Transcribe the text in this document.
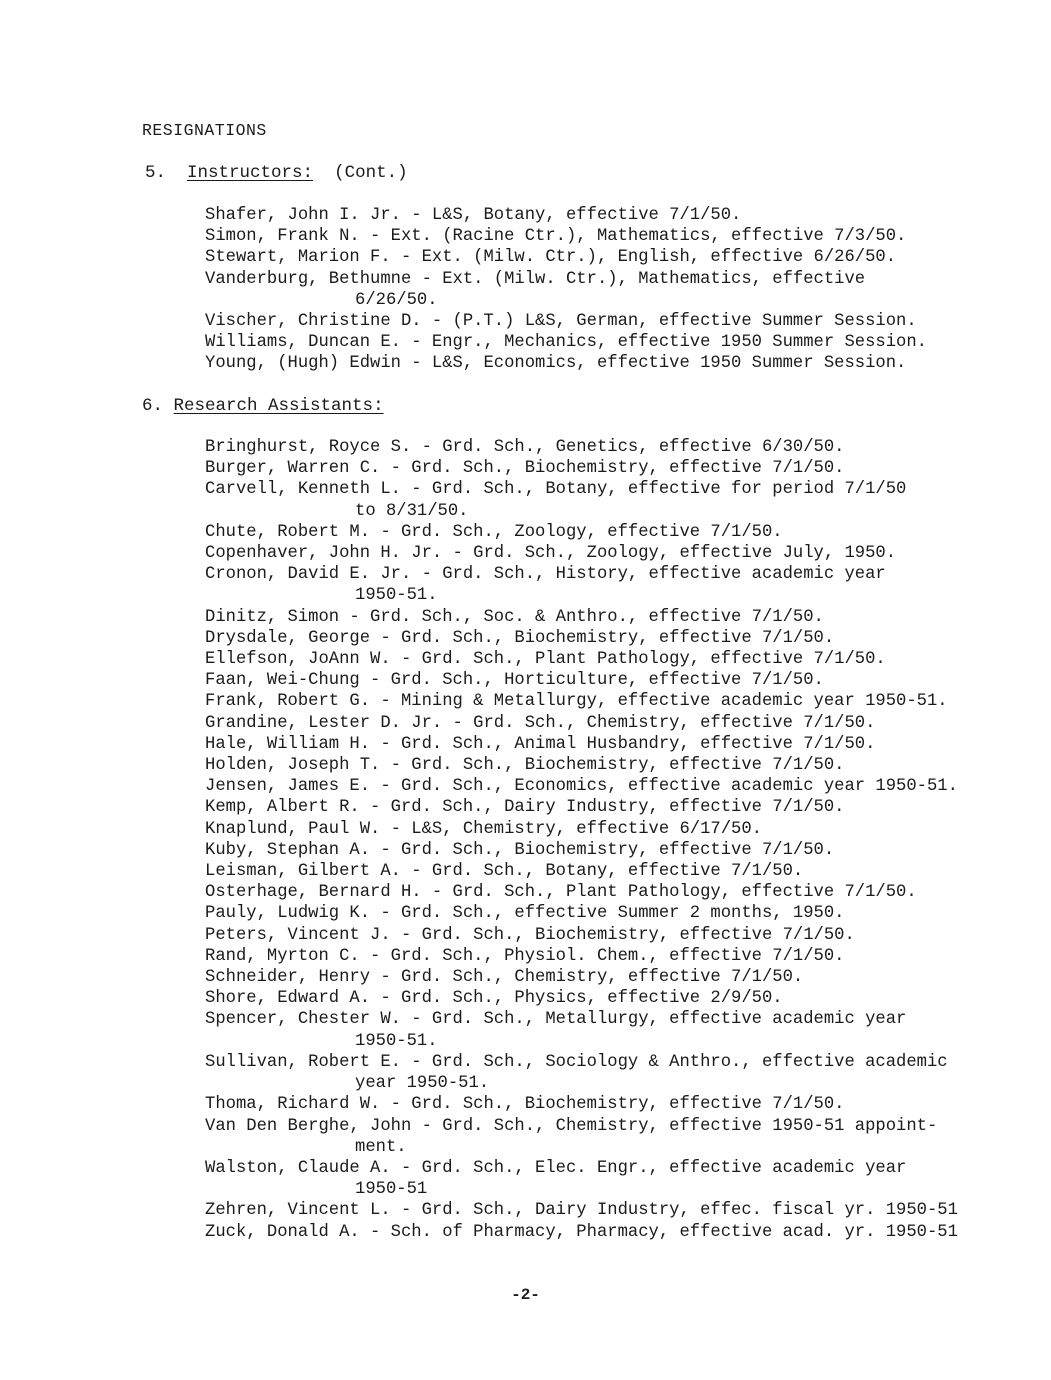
RESIGNATIONS
5. Instructors: (Cont.)
Shafer, John I. Jr. - L&S, Botany, effective 7/1/50.
Simon, Frank N. - Ext. (Racine Ctr.), Mathematics, effective 7/3/50.
Stewart, Marion F. - Ext. (Milw. Ctr.), English, effective 6/26/50.
Vanderburg, Bethumne - Ext. (Milw. Ctr.), Mathematics, effective
6/26/50.
Vischer, Christine D. - (P.T.) L&S, German, effective Summer Session.
Williams, Duncan E. - Engr., Mechanics, effective 1950 Summer Session.
Young, (Hugh) Edwin - L&S, Economics, effective 1950 Summer Session.
6. Research Assistants:
Bringhurst, Royce S. - Grd. Sch., Genetics, effective 6/30/50.
Burger, Warren C. - Grd. Sch., Biochemistry, effective 7/1/50.
Carvell, Kenneth L. - Grd. Sch., Botany, effective for period 7/1/50
to 8/31/50.
Chute, Robert M. - Grd. Sch., Zoology, effective 7/1/50.
Copenhaver, John H. Jr. - Grd. Sch., Zoology, effective July, 1950.
Cronon, David E. Jr. - Grd. Sch., History, effective academic year
1950-51.
Dinitz, Simon - Grd. Sch., Soc. & Anthro., effective 7/1/50.
Drysdale, George - Grd. Sch., Biochemistry, effective 7/1/50.
Ellefson, JoAnn W. - Grd. Sch., Plant Pathology, effective 7/1/50.
Faan, Wei-Chung - Grd. Sch., Horticulture, effective 7/1/50.
Frank, Robert G. - Mining & Metallurgy, effective academic year 1950-51.
Grandine, Lester D. Jr. - Grd. Sch., Chemistry, effective 7/1/50.
Hale, William H. - Grd. Sch., Animal Husbandry, effective 7/1/50.
Holden, Joseph T. - Grd. Sch., Biochemistry, effective 7/1/50.
Jensen, James E. - Grd. Sch., Economics, effective academic year 1950-51.
Kemp, Albert R. - Grd. Sch., Dairy Industry, effective 7/1/50.
Knaplund, Paul W. - L&S, Chemistry, effective 6/17/50.
Kuby, Stephan A. - Grd. Sch., Biochemistry, effective 7/1/50.
Leisman, Gilbert A. - Grd. Sch., Botany, effective 7/1/50.
Osterhage, Bernard H. - Grd. Sch., Plant Pathology, effective 7/1/50.
Pauly, Ludwig K. - Grd. Sch., effective Summer 2 months, 1950.
Peters, Vincent J. - Grd. Sch., Biochemistry, effective 7/1/50.
Rand, Myrton C. - Grd. Sch., Physiol. Chem., effective 7/1/50.
Schneider, Henry - Grd. Sch., Chemistry, effective 7/1/50.
Shore, Edward A. - Grd. Sch., Physics, effective 2/9/50.
Spencer, Chester W. - Grd. Sch., Metallurgy, effective academic year
1950-51.
Sullivan, Robert E. - Grd. Sch., Sociology & Anthro., effective academic
year 1950-51.
Thoma, Richard W. - Grd. Sch., Biochemistry, effective 7/1/50.
Van Den Berghe, John - Grd. Sch., Chemistry, effective 1950-51 appoint-
ment.
Walston, Claude A. - Grd. Sch., Elec. Engr., effective academic year
1950-51
Zehren, Vincent L. - Grd. Sch., Dairy Industry, effec. fiscal yr. 1950-51
Zuck, Donald A. - Sch. of Pharmacy, Pharmacy, effective acad. yr. 1950-51
-2-
